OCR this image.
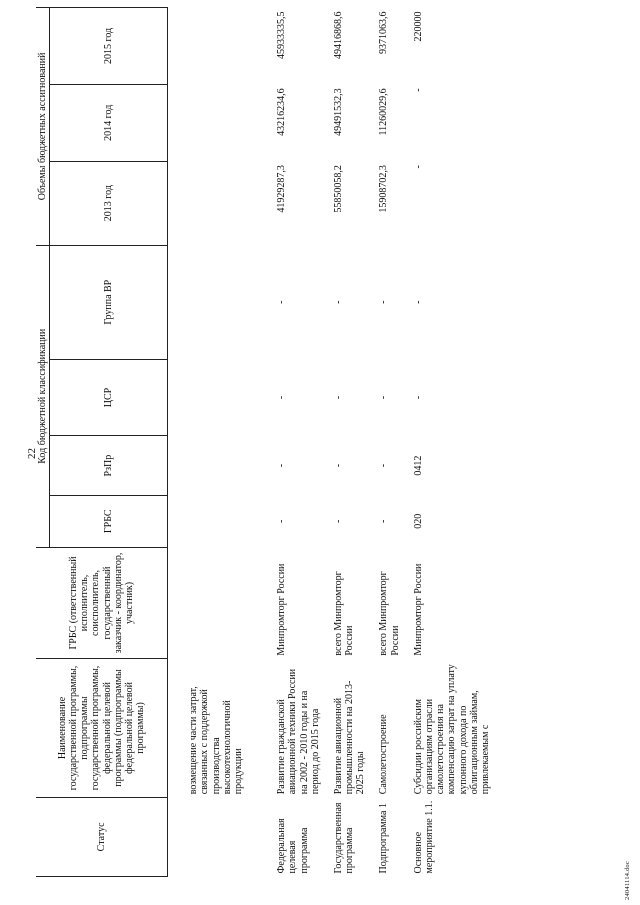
22
Статус	Наименование государственной программы, подпрограммы государственной программы, федеральной целевой программы (подпрограммы федеральной целевой программы)	ГРБС (ответственный исполнитель, соисполнитель, государственный заказчик - координатор, участник)	Код бюджетной классификации				Объемы бюджетных ассигнований		
			ГРБС	РзПр	ЦСР	Группа ВР	2013 год	2014 год	2015 год
	возмещение части затрат, связанных с поддержкой производства высокотехнологичной продукции								
Федеральная целевая программа	Развитие гражданской авиационной техники России на 2002 - 2010 годы и на период до 2015 года	Минпромторг России	-	-	-	-	41929287,3	43216234,6	45933335,5
Государственная программа	Развитие авиационной промышленности на 2013-2025 годы	всего Минпромторг России	-	-	-	-	55850058,2	49491532,3	49416868,6
Подпрограмма 1	Самолетостроение	всего Минпромторг России	-	-	-	-	15908702,3	11260029,6	9371063,6
Основное мероприятие 1.1.	Субсидии российским организациям отрасли самолетостроения на компенсацию затрат на уплату купонного дохода по облигационным займам, привлекаемым с	Минпромторг России	020	0412	-	-	-	-	220000
24041114.doc
